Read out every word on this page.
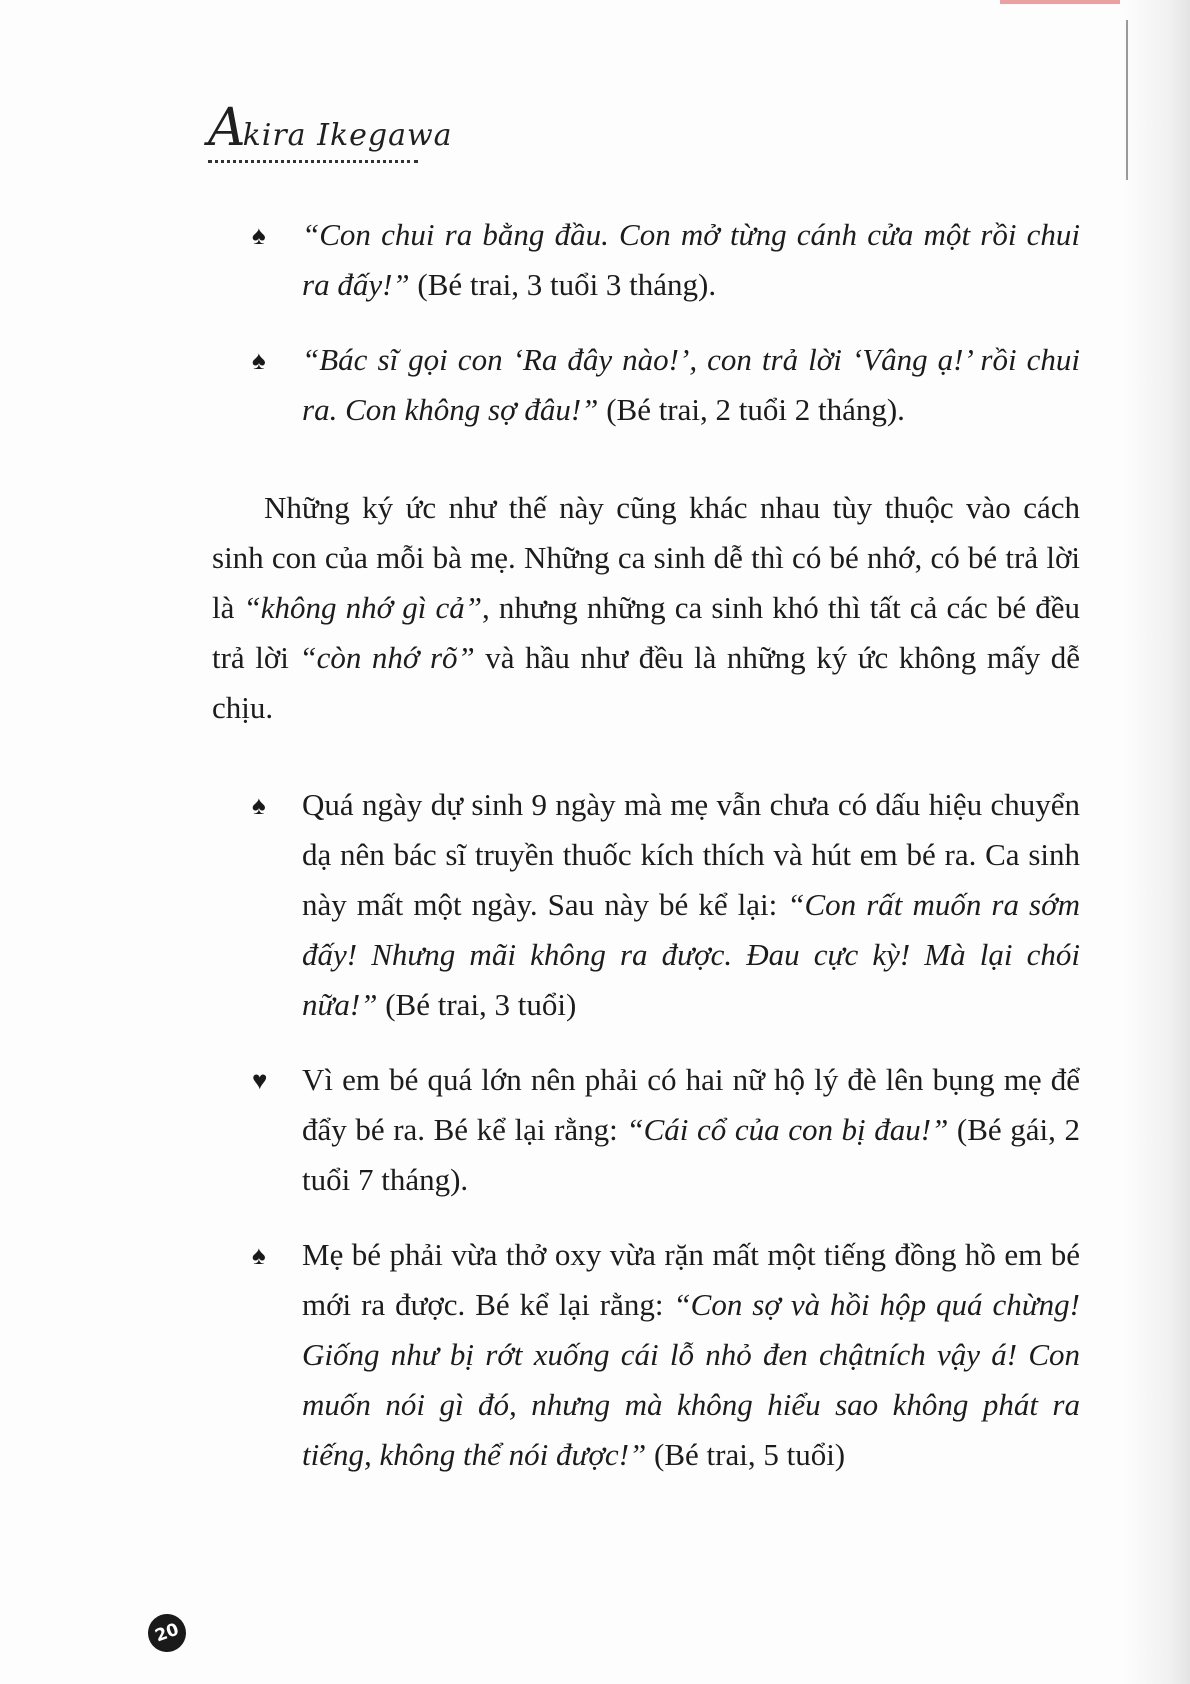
Akira Ikegawa
♠ “Con chui ra bằng đầu. Con mở từng cánh cửa một rồi chui ra đấy!” (Bé trai, 3 tuổi 3 tháng).
♠ “Bác sĩ gọi con ‘Ra đây nào!’, con trả lời ‘Vâng ạ!’ rồi chui ra. Con không sợ đâu!” (Bé trai, 2 tuổi 2 tháng).

Những ký ức như thế này cũng khác nhau tùy thuộc vào cách sinh con của mỗi bà mẹ. Những ca sinh dễ thì có bé nhớ, có bé trả lời là “không nhớ gì cả”, nhưng những ca sinh khó thì tất cả các bé đều trả lời “còn nhớ rõ” và hầu như đều là những ký ức không mấy dễ chịu.

♠ Quá ngày dự sinh 9 ngày mà mẹ vẫn chưa có dấu hiệu chuyển dạ nên bác sĩ truyền thuốc kích thích và hút em bé ra. Ca sinh này mất một ngày. Sau này bé kể lại: “Con rất muốn ra sớm đấy! Nhưng mãi không ra được. Đau cực kỳ! Mà lại chói nữa!” (Bé trai, 3 tuổi)
♥ Vì em bé quá lớn nên phải có hai nữ hộ lý đè lên bụng mẹ để đẩy bé ra. Bé kể lại rằng: “Cái cổ của con bị đau!” (Bé gái, 2 tuổi 7 tháng).
♠ Mẹ bé phải vừa thở oxy vừa rặn mất một tiếng đồng hồ em bé mới ra được. Bé kể lại rằng: “Con sợ và hồi hộp quá chừng! Giống như bị rớt xuống cái lỗ nhỏ đen chậtních vậy á! Con muốn nói gì đó, nhưng mà không hiểu sao không phát ra tiếng, không thể nói được!” (Bé trai, 5 tuổi)
20
